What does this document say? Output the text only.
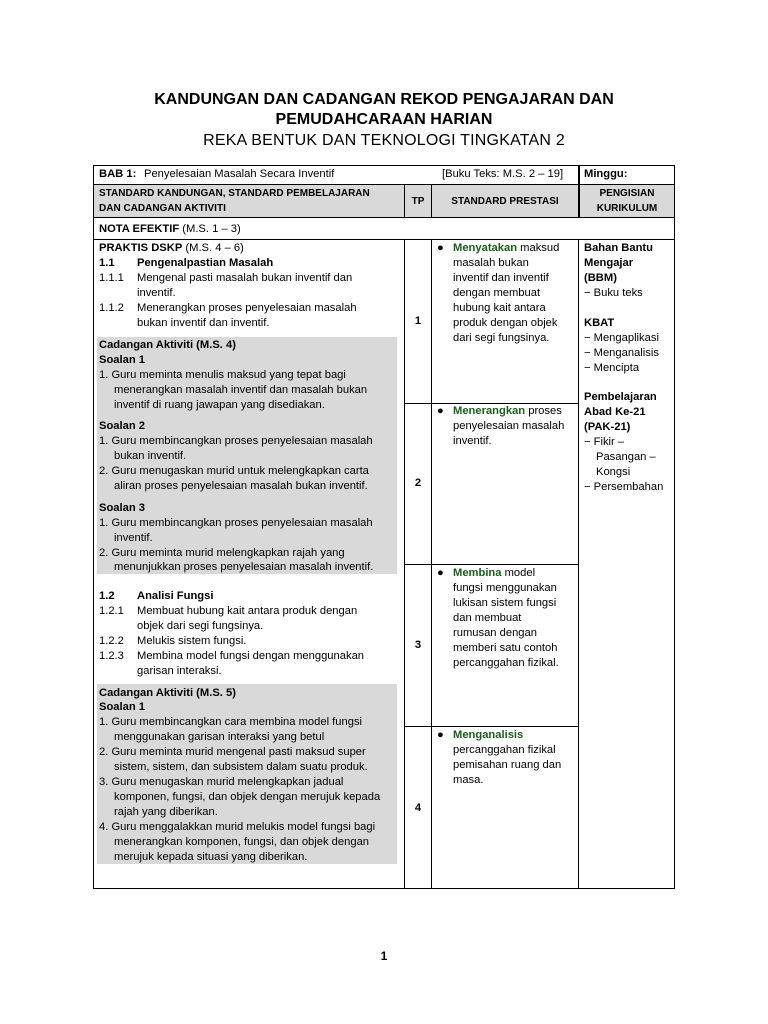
KANDUNGAN DAN CADANGAN REKOD PENGAJARAN DAN
PEMUDAHCARAAN HARIAN
REKA BENTUK DAN TEKNOLOGI TINGKATAN 2
BAB 1: Penyelesaian Masalah Secara Inventif	[Buku Teks: M.S. 2 – 19] Minggu:
STANDARD KANDUNGAN, STANDARD PEMBELAJARAN
DAN CADANGAN AKTIVITI
TP	STANDARD PRESTASI
PENGISIAN
KURIKULUM
NOTA EFEKTIF (M.S. 1 – 3)
PRAKTIS DSKP (M.S. 4 – 6)
1.1 Pengenalpastian Masalah
1.1.1 Mengenal pasti masalah bukan inventif dan
inventif.
1.1.2 Menerangkan proses penyelesaian masalah
bukan inventif dan inventif.
Cadangan Aktiviti (M.S. 4)
Soalan 1
1. Guru meminta menulis maksud yang tepat bagi
menerangkan masalah inventif dan masalah bukan
inventif di ruang jawapan yang disediakan.
Soalan 2
1. Guru membincangkan proses penyelesaian masalah
bukan inventif.
2. Guru menugaskan murid untuk melengkapkan carta
aliran proses penyelesaian masalah bukan inventif.
Soalan 3
1. Guru membincangkan proses penyelesaian masalah
inventif.
2. Guru meminta murid melengkapkan rajah yang
menunjukkan proses penyelesaian masalah inventif.
1.2 Analisi Fungsi
1.2.1 Membuat hubung kait antara produk dengan
objek dari segi fungsinya.
1.2.2 Melukis sistem fungsi.
1.2.3 Membina model fungsi dengan menggunakan
garisan interaksi.
Cadangan Aktiviti (M.S. 5)
Soalan 1
1. Guru membincangkan cara membina model fungsi
menggunakan garisan interaksi yang betul
2. Guru meminta murid mengenal pasti maksud super
sistem, sistem, dan subsistem dalam suatu produk.
3. Guru menugaskan murid melengkapkan jadual
komponen, fungsi, dan objek dengan merujuk kepada
rajah yang diberikan.
4. Guru menggalakkan murid melukis model fungsi bagi
menerangkan komponen, fungsi, dan objek dengan
merujuk kepada situasi yang diberikan.
1
2
3
4
● Menyatakan maksud
masalah bukan
inventif dan inventif
dengan membuat
hubung kait antara
produk dengan objek
dari segi fungsinya.
● Menerangkan proses
penyelesaian masalah
inventif.
● Membina model
fungsi menggunakan
lukisan sistem fungsi
dan membuat
rumusan dengan
memberi satu contoh
percanggahan fizikal.
● Menganalisis
percanggahan fizikal
pemisahan ruang dan
masa.
Bahan Bantu
Mengajar
(BBM)
− Buku teks
KBAT
− Mengaplikasi
− Menganalisis
− Mencipta
Pembelajaran
Abad Ke-21
(PAK-21)
− Fikir –
Pasangan –
Kongsi
− Persembahan
1
